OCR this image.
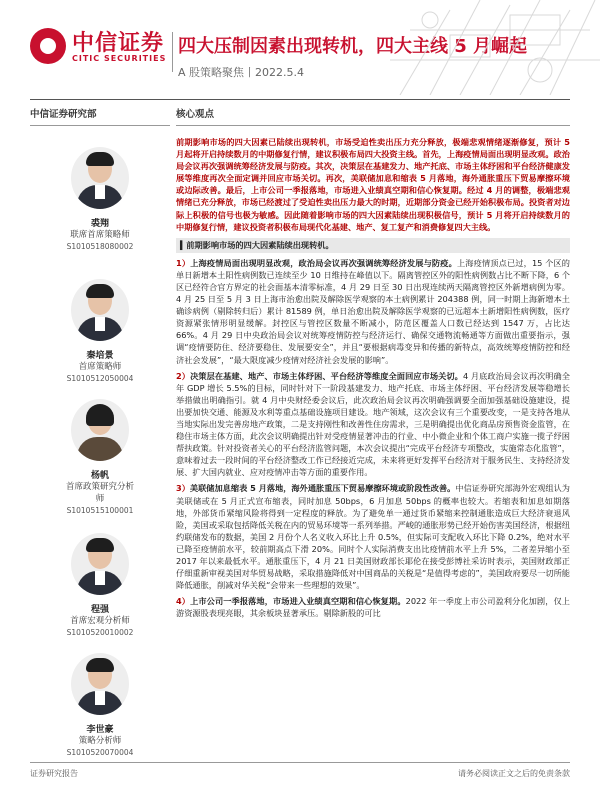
中信证券
CITIC SECURITIES
四大压制因素出现转机，四大主线 5 月崛起
A 股策略聚焦丨2022.5.4
中信证券研究部
裘翔
联席首席策略师
S1010518080002
秦培景
首席策略师
S1010512050004
杨帆
首席政策研究分析师
S1010515100001
程强
首席宏观分析师
S1010520010002
李世豪
策略分析师
S1010520070004
核心观点
前期影响市场的四大因素已陆续出现转机，市场受迫性卖出压力充分释放，极端悲观情绪逐渐修复，预计 5 月起将开启持续数月的中期修复行情，建议积极布局四大投资主线。首先，上海疫情局面出现明显改观。政治局会议再次强调统筹经济发展与防疫。其次，决策层在基建发力、地产托底、市场主体纾困和平台经济健康发展等维度再次全面定调并回应市场关切。再次，美联储加息和缩表 5 月落地，海外通胀重压下贸易摩擦环境或边际改善。最后，上市公司一季报落地，市场进入业绩真空期和信心恢复期。经过 4 月的调整，极端悲观情绪已充分释放，市场已经渡过了受迫性卖出压力最大的时期，近期部分资金已经开始积极布局。投资者对边际上积极的信号也极为敏感。因此随着影响市场的四大因素陆续出现积极信号，预计 5 月将开启持续数月的中期修复行情，建议投资者积极布局现代化基建、地产、复工复产和消费修复四大主线。
▍前期影响市场的四大因素陆续出现转机。
1）上海疫情局面出现明显改观，政治局会议再次强调统筹经济发展与防疫。上海疫情顶点已过，15 个区的单日新增本土阳性病例数已连续至少 10 日维持在峰值以下。隔离管控区外的阳性病例数占比不断下降，6 个区已经符合官方界定的社会面基本清零标准，4 月 29 日至 30 日出现连续两天隔离管控区外新增病例为零。4 月 25 日至 5 月 3 日上海市治愈出院及解除医学观察的本土病例累计 204388 例，同一时期上海新增本土确诊病例（剔除转归后）累计 81589 例，单日治愈出院及解除医学观察的已远超本土新增阳性病例数，医疗资源紧张情形明显缓解。封控区与管控区数量不断减小，防范区覆盖人口数已经达到 1547 万，占比达 66%。4 月 29 日中央政治局会议对统筹疫情防控与经济运行、确保交通物流畅通等方面做出重要指示，强调“疫情要防住、经济要稳住、发展要安全”，并且“要根据病毒变异和传播的新特点，高效统筹疫情防控和经济社会发展”，“最大限度减少疫情对经济社会发展的影响”。
2）决策层在基建、地产、市场主体纾困、平台经济等维度全面回应市场关切。4 月底政治局会议再次明确全年 GDP 增长 5.5%的目标，同时针对下一阶段基建发力、地产托底、市场主体纾困、平台经济发展等稳增长举措做出明确指引。就 4 月中央财经委会议后，此次政治局会议再次明确强调要全面加强基础设施建设，提出要加快交通、能源及水利等重点基础设施项目建设。地产领域，这次会议有三个重要改变，一是支持各地从当地实际出发完善房地产政策，二是支持刚性和改善性住房需求，三是明确提出优化商品房预售资金监管，在稳住市场主体方面，此次会议明确提出针对受疫情显著冲击的行业、中小微企业和个体工商户实施一揽子纾困帮扶政策。针对投资者关心的平台经济监管问题，本次会议提出“完成平台经济专项整改，实施常态化监管”，意味着过去一段时间的平台经济整改工作已经接近完成，未来将更好发挥平台经济对于服务民生、支持经济发展、扩大国内就业、应对疫情冲击等方面的重要作用。
3）美联储加息缩表 5 月落地，海外通胀重压下贸易摩擦环境或阶段性改善。中信证券研究部海外宏观组认为美联储或在 5 月正式宣布缩表，同时加息 50bps，6 月加息 50bps 的概率也较大。若缩表和加息如期落地，外部货币紧缩风险将得到一定程度的释放。为了避免单一通过货币紧缩来控制通胀造成巨大经济衰退风险，美国或采取包括降低关税在内的贸易环境等一系列举措。严峻的通胀形势已经开始伤害美国经济，根据纽约联储发布的数据，美国 2 月份个人名义收入环比上升 0.5%，但实际可支配收入环比下降 0.2%，绝对水平已降至疫情前水平，较前期高点下滑 20%。同时个人实际消费支出比疫情前水平上升 5%，二者差异缩小至 2017 年以来最低水平。通胀重压下，4 月 21 日美国财政部长耶伦在接受彭博社采访时表示，美国财政部正仔细重新审视美国对华贸易战略，采取措施降低对中国商品的关税是“是值得考虑的”，美国政府要尽一切所能降低通胀，削减对华关税“会带来一些理想的效果”。
4）上市公司一季报落地，市场进入业绩真空期和信心恢复期。2022 年一季度上市公司盈利分化加剧，仅上游资源股表现亮眼，其余板块显著承压。剔除新股的可比
证券研究报告	请务必阅读正文之后的免责条款
